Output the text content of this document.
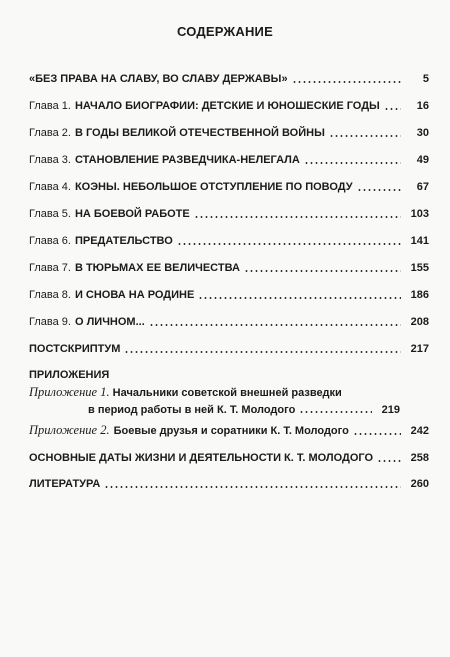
СОДЕРЖАНИЕ
«БЕЗ ПРАВА НА СЛАВУ, ВО СЛАВУ ДЕРЖАВЫ»	5
Глава 1. НАЧАЛО БИОГРАФИИ: ДЕТСКИЕ И ЮНОШЕСКИЕ ГОДЫ	16
Глава 2. В ГОДЫ ВЕЛИКОЙ ОТЕЧЕСТВЕННОЙ ВОЙНЫ	30
Глава 3. СТАНОВЛЕНИЕ РАЗВЕДЧИКА-НЕЛЕГАЛА	49
Глава 4. КОЭНЫ. НЕБОЛЬШОЕ ОТСТУПЛЕНИЕ ПО ПОВОДУ	67
Глава 5. НА БОЕВОЙ РАБОТЕ	103
Глава 6. ПРЕДАТЕЛЬСТВО	141
Глава 7. В ТЮРЬМАХ ЕЕ ВЕЛИЧЕСТВА	155
Глава 8. И СНОВА НА РОДИНЕ	186
Глава 9. О ЛИЧНОМ...	208
ПОСТСКРИПТУМ	217
ПРИЛОЖЕНИЯ
Приложение 1. Начальники советской внешней разведки
в период работы в ней К. Т. Молодого	219
Приложение 2. Боевые друзья и соратники К. Т. Молодого	242
ОСНОВНЫЕ ДАТЫ ЖИЗНИ И ДЕЯТЕЛЬНОСТИ К. Т. МОЛОДОГО	258
ЛИТЕРАТУРА	260
